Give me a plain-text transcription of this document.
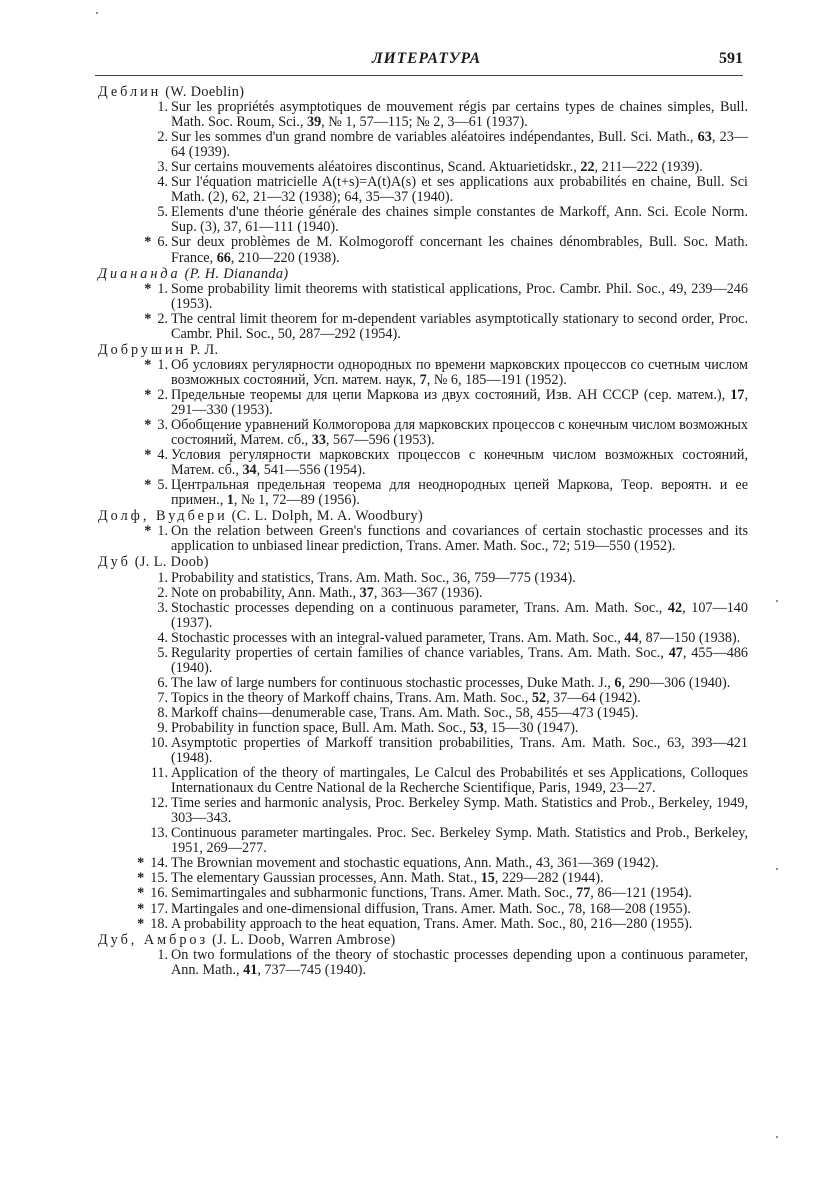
ЛИТЕРАТУРА	591
Деблин (W. Doeblin)
1. Sur les propriétés asymptotiques de mouvement régis par certains types de chaines simples, Bull. Math. Soc. Roum, Sci., 39, № 1, 57—115; № 2, 3—61 (1937).
2. Sur les sommes d'un grand nombre de variables aléatoires indépendantes, Bull. Sci. Math., 63, 23—64 (1939).
3. Sur certains mouvements aléatoires discontinus, Scand. Aktuarietidskr., 22, 211—222 (1939).
4. Sur l'équation matricielle A(t+s)=A(t)A(s) et ses applications aux probabilités en chaine, Bull. Sci Math. (2), 62, 21—32 (1938); 64, 35—37 (1940).
5. Elements d'une théorie générale des chaines simple constantes de Markoff, Ann. Sci. Ecole Norm. Sup. (3), 37, 61—111 (1940).
* 6. Sur deux problèmes de M. Kolmogoroff concernant les chaines dénombrables, Bull. Soc. Math. France, 66, 210—220 (1938).
Диананда (P. H. Diananda)
* 1. Some probability limit theorems with statistical applications, Proc. Cambr. Phil. Soc., 49, 239—246 (1953).
* 2. The central limit theorem for m-dependent variables asymptotically stationary to second order, Proc. Cambr. Phil. Soc., 50, 287—292 (1954).
Добрушин Р. Л.
* 1. Об условиях регулярности однородных по времени марковских процессов со счетным числом возможных состояний, Усп. матем. наук, 7, № 6, 185—191 (1952).
* 2. Предельные теоремы для цепи Маркова из двух состояний, Изв. АН СССР (сер. матем.), 17, 291—330 (1953).
* 3. Обобщение уравнений Колмогорова для марковских процессов с конечным числом возможных состояний, Матем. сб., 33, 567—596 (1953).
* 4. Условия регулярности марковских процессов с конечным числом возможных состояний, Матем. сб., 34, 541—556 (1954).
* 5. Центральная предельная теорема для неоднородных цепей Маркова, Теор. вероятн. и ее примен., 1, № 1, 72—89 (1956).
Долф, Вудбери (C. L. Dolph, M. A. Woodbury)
* 1. On the relation between Green's functions and covariances of certain stochastic processes and its application to unbiased linear prediction, Trans. Amer. Math. Soc., 72; 519—550 (1952).
Дуб (J. L. Doob)
1. Probability and statistics, Trans. Am. Math. Soc., 36, 759—775 (1934).
2. Note on probability, Ann. Math., 37, 363—367 (1936).
3. Stochastic processes depending on a continuous parameter, Trans. Am. Math. Soc., 42, 107—140 (1937).
4. Stochastic processes with an integral-valued parameter, Trans. Am. Math. Soc., 44, 87—150 (1938).
5. Regularity properties of certain families of chance variables, Trans. Am. Math. Soc., 47, 455—486 (1940).
6. The law of large numbers for continuous stochastic processes, Duke Math. J., 6, 290—306 (1940).
7. Topics in the theory of Markoff chains, Trans. Am. Math. Soc., 52, 37—64 (1942).
8. Markoff chains—denumerable case, Trans. Am. Math. Soc., 58, 455—473 (1945).
9. Probability in function space, Bull. Am. Math. Soc., 53, 15—30 (1947).
10. Asymptotic properties of Markoff transition probabilities, Trans. Am. Math. Soc., 63, 393—421 (1948).
11. Application of the theory of martingales, Le Calcul des Probabilités et ses Applications, Colloques Internationaux du Centre National de la Recherche Scientifique, Paris, 1949, 23—27.
12. Time series and harmonic analysis, Proc. Berkeley Symp. Math. Statistics and Prob., Berkeley, 1949, 303—343.
13. Continuous parameter martingales. Proc. Sec. Berkeley Symp. Math. Statistics and Prob., Berkeley, 1951, 269—277.
* 14. The Brownian movement and stochastic equations, Ann. Math., 43, 361—369 (1942).
* 15. The elementary Gaussian processes, Ann. Math. Stat., 15, 229—282 (1944).
* 16. Semimartingales and subharmonic functions, Trans. Amer. Math. Soc., 77, 86—121 (1954).
* 17. Martingales and one-dimensional diffusion, Trans. Amer. Math. Soc., 78, 168—208 (1955).
* 18. A probability approach to the heat equation, Trans. Amer. Math. Soc., 80, 216—280 (1955).
Дуб, Амброз (J. L. Doob, Warren Ambrose)
1. On two formulations of the theory of stochastic processes depending upon a continuous parameter, Ann. Math., 41, 737—745 (1940).
